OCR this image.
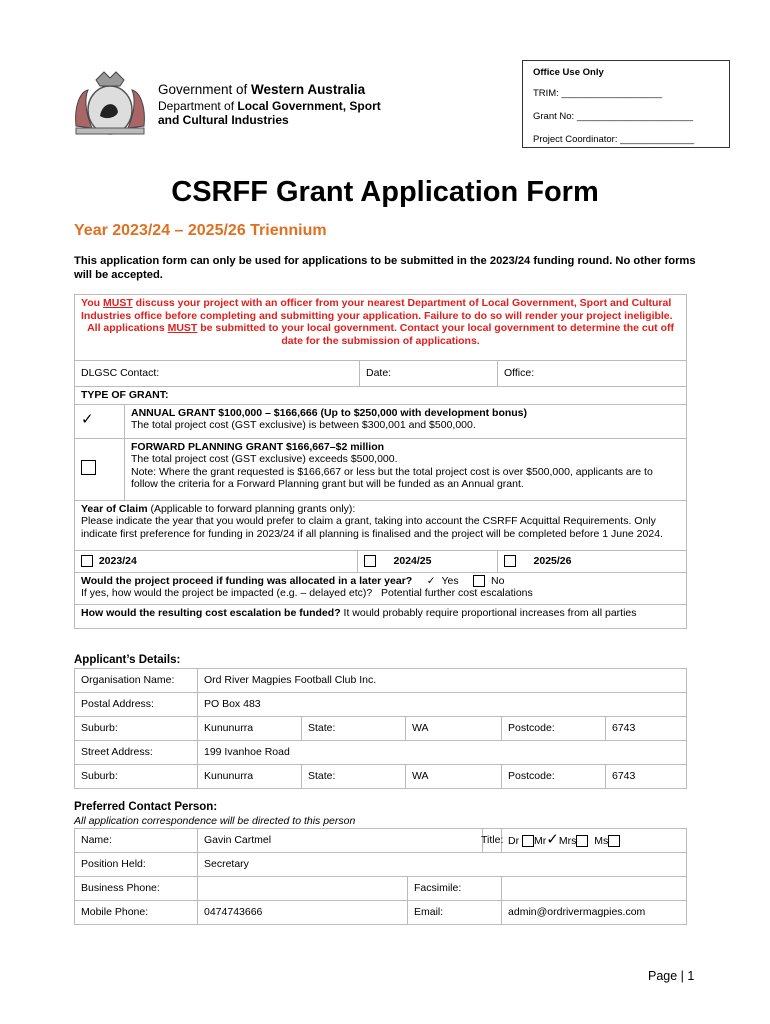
Government of Western Australia
Department of Local Government, Sport
and Cultural Industries
Office Use Only
TRIM: ___________________
Grant No: ______________________
Project Coordinator: ______________
CSRFF Grant Application Form
Year 2023/24 – 2025/26 Triennium
This application form can only be used for applications to be submitted in the 2023/24 funding round. No other forms will be accepted.
You MUST discuss your project with an officer from your nearest Department of Local Government, Sport and Cultural Industries office before completing and submitting your application. Failure to do so will render your project ineligible.
All applications MUST be submitted to your local government. Contact your local government to determine the cut off date for the submission of applications.				

DLGSC Contact:			Date:	Office:
TYPE OF GRANT:				
✓	ANNUAL GRANT $100,000 – $166,666 (Up to $250,000 with development bonus)
The total project cost (GST exclusive) is between $300,001 and $500,000.			
	FORWARD PLANNING GRANT $166,667–$2 million
The total project cost (GST exclusive) exceeds $500,000.
Note: Where the grant requested is $166,667 or less but the total project cost is over $500,000, applicants are to follow the criteria for a Forward Planning grant but will be funded as an Annual grant.			
Year of Claim (Applicable to forward planning grants only):
Please indicate the year that you would prefer to claim a grant, taking into account the CSRFF Acquittal Requirements. Only indicate first preference for funding in 2023/24 if all planning is finalised and the project will be completed before 1 June 2024.				
2023/24		2024/25		2025/26
Would the project proceed if funding was allocated in a later year? ✓ Yes No
If yes, how would the project be impacted (e.g. – delayed etc)? Potential further cost escalations				
How would the resulting cost escalation be funded? It would probably require proportional increases from all parties				
Applicant’s Details:
Organisation Name:	Ord River Magpies Football Club Inc.				
Postal Address:	PO Box 483				
Suburb:	Kununurra	State:	WA	Postcode:	6743
Street Address:	199 Ivanhoe Road				
Suburb:	Kununurra	State:	WA	Postcode:	6743
Preferred Contact Person:
All application correspondence will be directed to this person
Name:	Gavin Cartmel	Title:	Dr Mr✓Mrs Ms
Position Held:	Secretary
Business Phone:		Facsimile:	
Mobile Phone:	0474743666	Email:	admin@ordrivermagpies.com
Page | 1
